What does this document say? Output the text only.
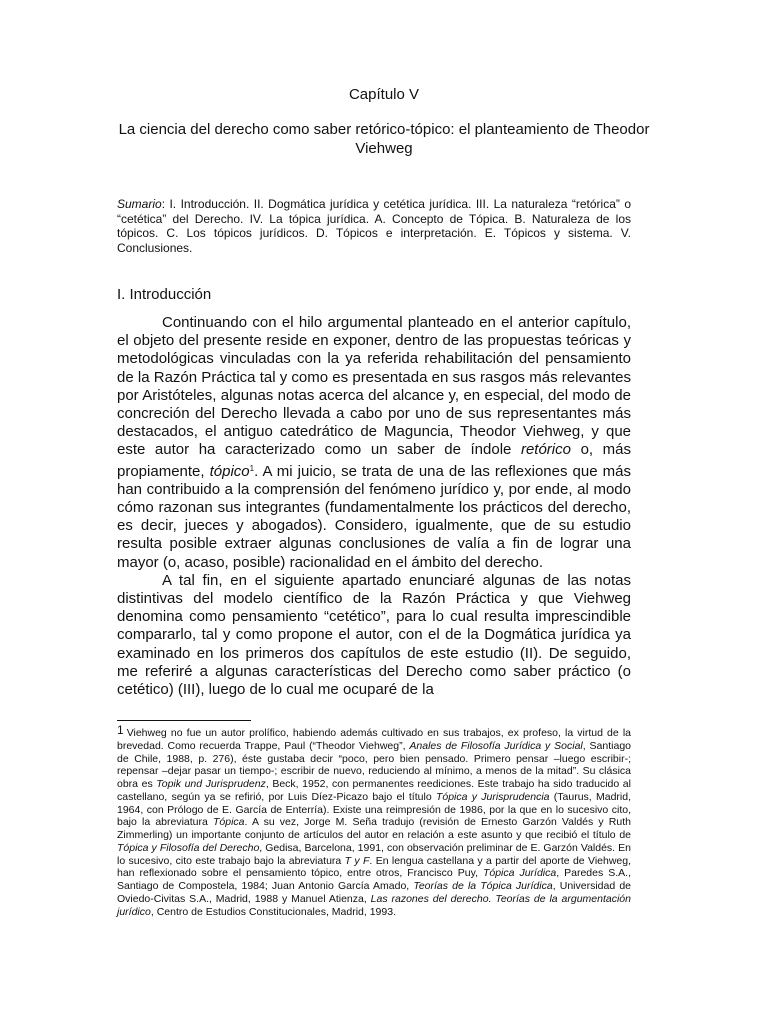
Capítulo V
La ciencia del derecho como saber retórico-tópico: el planteamiento de Theodor Viehweg
Sumario: I. Introducción. II. Dogmática jurídica y cetética jurídica. III. La naturaleza “retórica” o “cetética” del Derecho. IV. La tópica jurídica. A. Concepto de Tópica. B. Naturaleza de los tópicos. C. Los tópicos jurídicos. D. Tópicos e interpretación. E. Tópicos y sistema. V. Conclusiones.
I. Introducción

Continuando con el hilo argumental planteado en el anterior capítulo, el objeto del presente reside en exponer, dentro de las propuestas teóricas y metodológicas vinculadas con la ya referida rehabilitación del pensamiento de la Razón Práctica tal y como es presentada en sus rasgos más relevantes por Aristóteles, algunas notas acerca del alcance y, en especial, del modo de concreción del Derecho llevada a cabo por uno de sus representantes más destacados, el antiguo catedrático de Maguncia, Theodor Viehweg, y que este autor ha caracterizado como un saber de índole retórico o, más propiamente, tópico$^1$. A mi juicio, se trata de una de las reflexiones que más han contribuido a la comprensión del fenómeno jurídico y, por ende, al modo cómo razonan sus integrantes (fundamentalmente los prácticos del derecho, es decir, jueces y abogados). Considero, igualmente, que de su estudio resulta posible extraer algunas conclusiones de valía a fin de lograr una mayor (o, acaso, posible) racionalidad en el ámbito del derecho.

A tal fin, en el siguiente apartado enunciaré algunas de las notas distintivas del modelo científico de la Razón Práctica y que Viehweg denomina como pensamiento “cetético”, para lo cual resulta imprescindible compararlo, tal y como propone el autor, con el de la Dogmática jurídica ya examinado en los primeros dos capítulos de este estudio (II). De seguido, me referiré a algunas características del Derecho como saber práctico (o cetético) (III), luego de lo cual me ocuparé de la

1 Viehweg no fue un autor prolífico, habiendo además cultivado en sus trabajos, ex profeso, la virtud de la brevedad. Como recuerda Trappe, Paul (“Theodor Viehweg”, Anales de Filosofía Jurídica y Social, Santiago de Chile, 1988, p. 276), éste gustaba decir “poco, pero bien pensado. Primero pensar –luego escribir-; repensar –dejar pasar un tiempo-; escribir de nuevo, reduciendo al mínimo, a menos de la mitad”. Su clásica obra es Topik und Jurisprudenz, Beck, 1952, con permanentes reediciones. Este trabajo ha sido traducido al castellano, según ya se refirió, por Luis Díez-Picazo bajo el título Tópica y Jurisprudencia (Taurus, Madrid, 1964, con Prólogo de E. García de Enterría). Existe una reimpresión de 1986, por la que en lo sucesivo cito, bajo la abreviatura Tópica. A su vez, Jorge M. Seña tradujo (revisión de Ernesto Garzón Valdés y Ruth Zimmerling) un importante conjunto de artículos del autor en relación a este asunto y que recibió el título de Tópica y Filosofía del Derecho, Gedisa, Barcelona, 1991, con observación preliminar de E. Garzón Valdés. En lo sucesivo, cito este trabajo bajo la abreviatura T y F. En lengua castellana y a partir del aporte de Viehweg, han reflexionado sobre el pensamiento tópico, entre otros, Francisco Puy, Tópica Jurídica, Paredes S.A., Santiago de Compostela, 1984; Juan Antonio García Amado, Teorías de la Tópica Jurídica, Universidad de Oviedo-Civitas S.A., Madrid, 1988 y Manuel Atienza, Las razones del derecho. Teorías de la argumentación jurídico, Centro de Estudios Constitucionales, Madrid, 1993.
